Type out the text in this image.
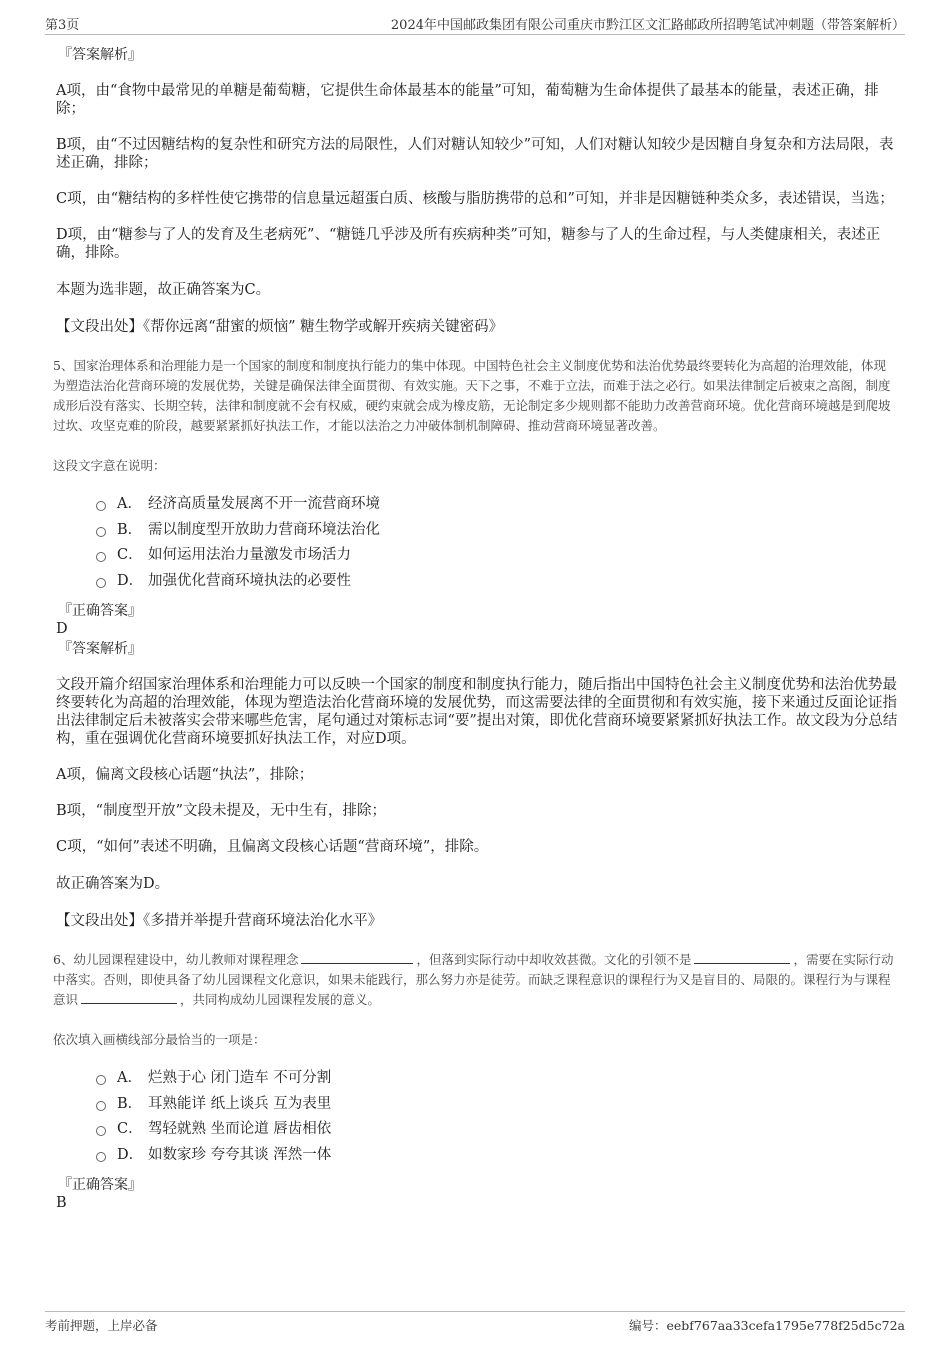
第3页	2024年中国邮政集团有限公司重庆市黔江区文汇路邮政所招聘笔试冲刺题（带答案解析）

『答案解析』

A项，由“食物中最常见的单糖是葡萄糖，它提供生命体最基本的能量”可知，葡萄糖为生命体提供了最基本的能量，表述正确，排除；

B项，由“不过因糖结构的复杂性和研究方法的局限性，人们对糖认知较少”可知，人们对糖认知较少是因糖自身复杂和方法局限，表述正确，排除；

C项，由“糖结构的多样性使它携带的信息量远超蛋白质、核酸与脂肪携带的总和”可知，并非是因糖链种类众多，表述错误，当选；

D项，由“糖参与了人的发育及生老病死”、“糖链几乎涉及所有疾病种类”可知，糖参与了人的生命过程，与人类健康相关，表述正确，排除。

本题为选非题，故正确答案为C。

【文段出处】《帮你远离“甜蜜的烦恼” 糖生物学或解开疾病关键密码》

5、国家治理体系和治理能力是一个国家的制度和制度执行能力的集中体现。中国特色社会主义制度优势和法治优势最终要转化为高超的治理效能，体现为塑造法治化营商环境的发展优势，关键是确保法律全面贯彻、有效实施。天下之事，不难于立法，而难于法之必行。如果法律制定后被束之高阁，制度成形后没有落实、长期空转，法律和制度就不会有权威，硬约束就会成为橡皮筋，无论制定多少规则都不能助力改善营商环境。优化营商环境越是到爬坡过坎、攻坚克难的阶段，越要紧紧抓好执法工作，才能以法治之力冲破体制机制障碍、推动营商环境显著改善。

这段文字意在说明：

A． 经济高质量发展离不开一流营商环境
B． 需以制度型开放助力营商环境法治化
C． 如何运用法治力量激发市场活力
D． 加强优化营商环境执法的必要性

『正确答案』

D

『答案解析』

文段开篇介绍国家治理体系和治理能力可以反映一个国家的制度和制度执行能力，随后指出中国特色社会主义制度优势和法治优势最终要转化为高超的治理效能，体现为塑造法治化营商环境的发展优势，而这需要法律的全面贯彻和有效实施，接下来通过反面论证指出法律制定后未被落实会带来哪些危害，尾句通过对策标志词“要”提出对策，即优化营商环境要紧紧抓好执法工作。故文段为分总结构，重在强调优化营商环境要抓好执法工作，对应D项。

A项，偏离文段核心话题“执法”，排除；

B项，“制度型开放”文段未提及，无中生有，排除；

C项，“如何”表述不明确，且偏离文段核心话题“营商环境”，排除。

故正确答案为D。

【文段出处】《多措并举提升营商环境法治化水平》

6、幼儿园课程建设中，幼儿教师对课程理念	，但落到实际行动中却收效甚微。文化的引领不是	，需要在实际行动中落实。否则，即使具备了幼儿园课程文化意识，如果未能践行，那么努力亦是徒劳。而缺乏课程意识的课程行为又是盲目的、局限的。课程行为与课程意识	，共同构成幼儿园课程发展的意义。

依次填入画横线部分最恰当的一项是：

A． 烂熟于心 闭门造车 不可分割
B． 耳熟能详 纸上谈兵 互为表里
C． 驾轻就熟 坐而论道 唇齿相依
D． 如数家珍 夸夸其谈 浑然一体

『正确答案』

B

考前押题，上岸必备	编号：eebf767aa33cefa1795e778f25d5c72a
